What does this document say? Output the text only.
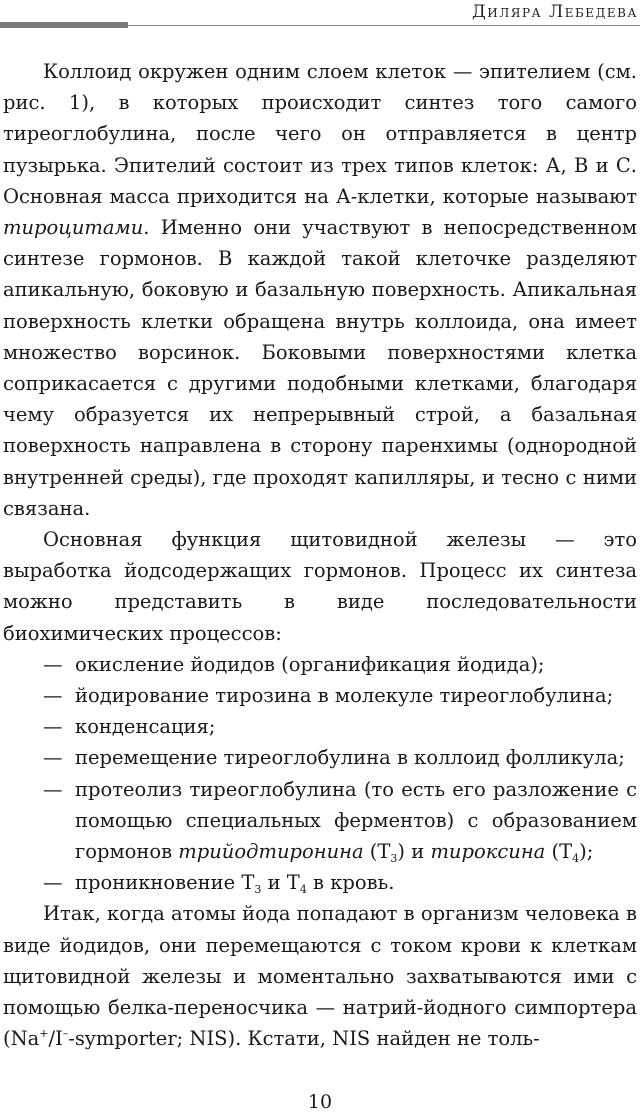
Диляра Лебедева

Коллоид окружен одним слоем клеток — эпителием (см. рис. 1), в которых происходит синтез того самого тиреоглобулина, после чего он отправляется в центр пузырька. Эпителий состоит из трех типов клеток: А, В и С. Основная масса приходится на А-клетки, которые называют тироцитами. Именно они участвуют в непосредственном синтезе гормонов. В каждой такой клеточке разделяют апикальную, боковую и базальную поверхность. Апикальная поверхность клетки обращена внутрь коллоида, она имеет множество ворсинок. Боковыми поверхностями клетка соприкасается с другими подобными клетками, благодаря чему образуется их непрерывный строй, а базальная поверхность направлена в сторону паренхимы (однородной внутренней среды), где проходят капилляры, и тесно с ними связана.

Основная функция щитовидной железы — это выработка йодсодержащих гормонов. Процесс их синтеза можно представить в виде последовательности биохимических процессов:

— окисление йодидов (органификация йодида);
— йодирование тирозина в молекуле тиреоглобулина;
— конденсация;
— перемещение тиреоглобулина в коллоид фолликула;
— протеолиз тиреоглобулина (то есть его разложение с помощью специальных ферментов) с образованием гормонов трийодтиронина $(Т_3)$ и тироксина $(Т_4)$;
— проникновение $Т_3$ и $Т_4$ в кровь.

Итак, когда атомы йода попадают в организм человека в виде йодидов, они перемещаются с током крови к клеткам щитовидной железы и моментально захватываются ими с помощью белка-переносчика — натрий-йодного симпортера (Na+/I–-symporter; NIS). Кстати, NIS найден не толь-

10
